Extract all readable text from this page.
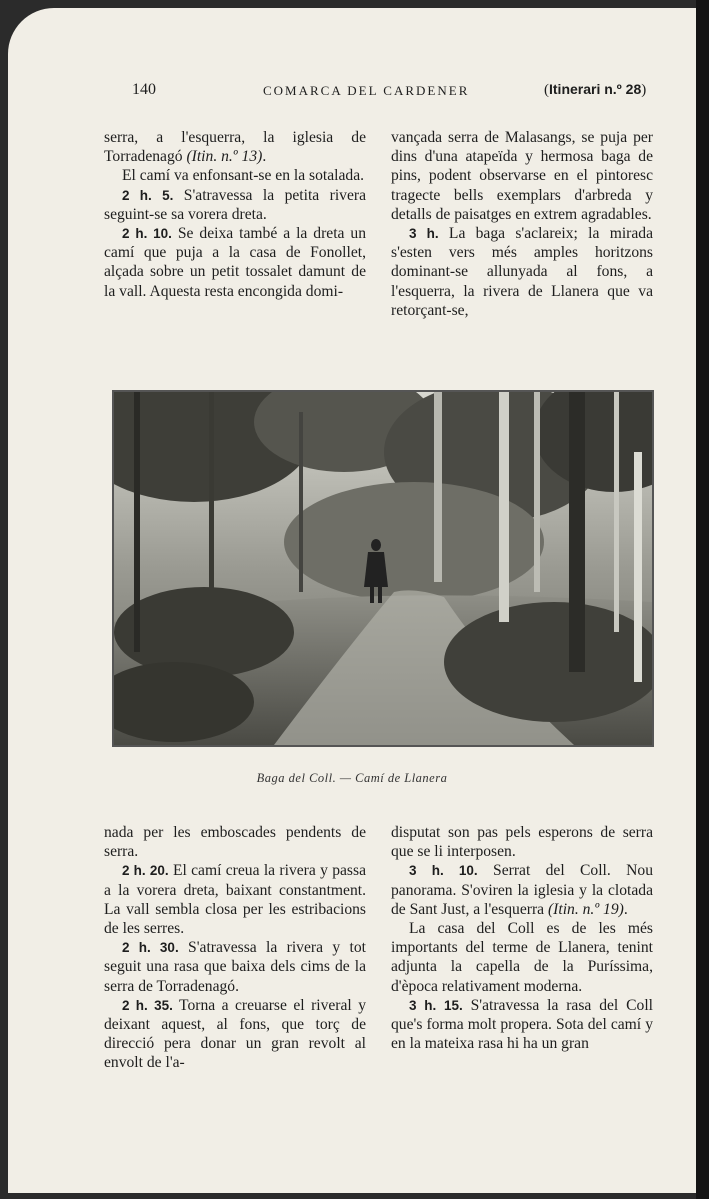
140	COMARCA DEL CARDENER	(Itinerari n.º 28)

serra, a l'esquerra, la iglesia de Torradenagó (Itin. n.º 13).

El camí va enfonsant-se en la sotalada.

2 h. 5. S'atravessa la petita rivera seguint-se sa vorera dreta.

2 h. 10. Se deixa també a la dreta un camí que puja a la casa de Fonollet, alçada sobre un petit tossalet damunt de la vall. Aquesta resta encongida domi-

vançada serra de Malasangs, se puja per dins d'una atapeïda y hermosa baga de pins, podent observarse en el pintoresc tragecte bells exemplars d'arbreda y detalls de paisatges en extrem agradables.

3 h. La baga s'aclareix; la mirada s'esten vers més amples horitzons dominant-se allunyada al fons, a l'esquerra, la rivera de Llanera que va retorçant-se,

Baga del Coll. — Camí de Llanera

nada per les emboscades pendents de serra.

2 h. 20. El camí creua la rivera y passa a la vorera dreta, baixant constantment. La vall sembla closa per les estribacions de les serres.

2 h. 30. S'atravessa la rivera y tot seguit una rasa que baixa dels cims de la serra de Torradenagó.

2 h. 35. Torna a creuarse el riveral y deixant aquest, al fons, que torç de direcció pera donar un gran revolt al envolt de l'a-

disputat son pas pels esperons de serra que se li interposen.

3 h. 10. Serrat del Coll. Nou panorama. S'oviren la iglesia y la clotada de Sant Just, a l'esquerra (Itin. n.º 19).

La casa del Coll es de les més importants del terme de Llanera, tenint adjunta la capella de la Puríssima, d'època relativament moderna.

3 h. 15. S'atravessa la rasa del Coll que's forma molt propera. Sota del camí y en la mateixa rasa hi ha un gran
